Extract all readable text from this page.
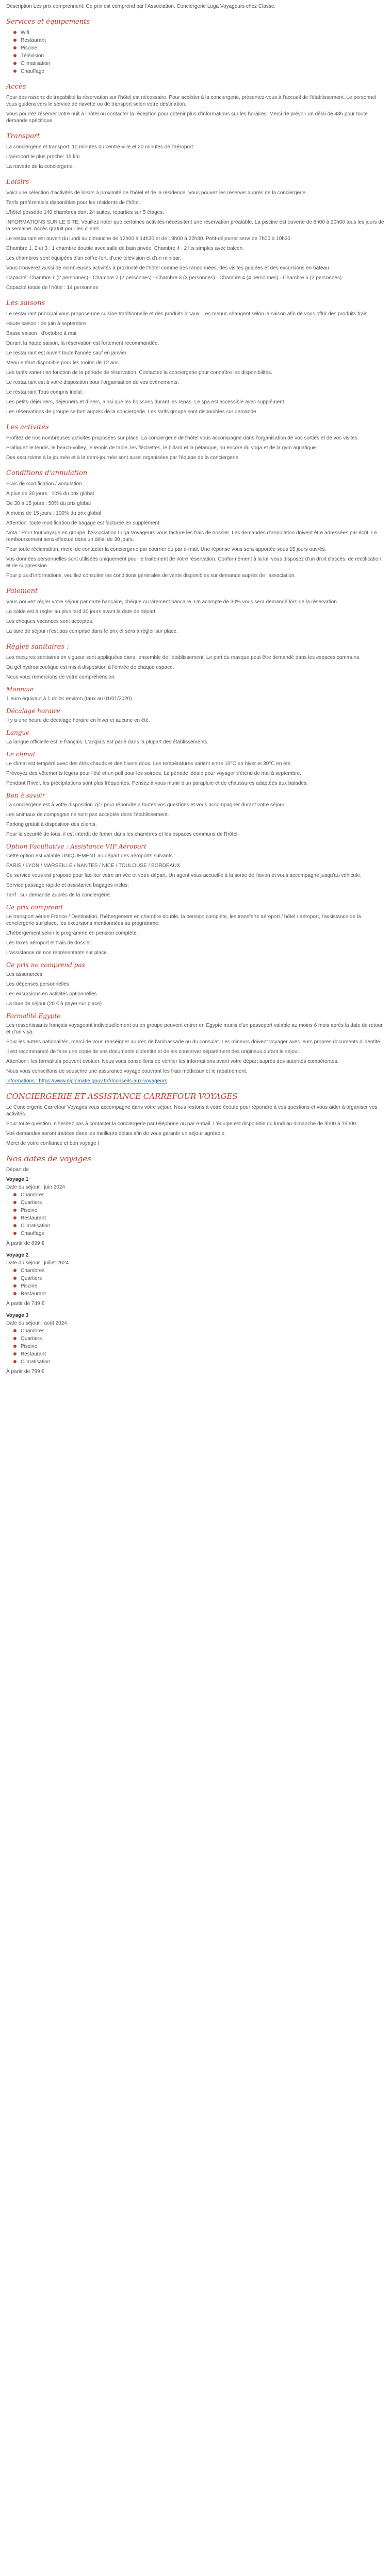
Description Les prix comprennent: Ce prix est comprend par l'Association. Conciergerie Luga Voyageurs chez Classe.

Services et équipements
Wifi
Restaurant
Piscine
Télévision
Climatisation
Chauffage
Accès

Pour des raisons de traçabilité la réservation sur l'hôtel est nécessaire. Pour accéder à la conciergerie, présentez-vous à l'accueil de l'établissement. Le personnel vous guidera vers le service de navette ou de transport selon votre destination.

Vous pourrez réserver votre nuit à l'hôtel ou contacter la réception pour obtenir plus d'informations sur les horaires. Merci de prévoir un délai de 48h pour toute demande spécifique.

Transport

La conciergerie et transport: 10 minutes du centre-ville et 20 minutes de l'aéroport

L'aéroport le plus proche: 15 km

La navette de la conciergerie.

Loisirs

Voici une sélection d'activités de loisirs à proximité de l'hôtel et de la résidence. Vous pouvez les réserver auprès de la conciergerie.

Tarifs préférentiels disponibles pour les résidents de l'hôtel.

L'hôtel possède 140 chambres dont 24 suites, réparties sur 5 étages.

INFORMATIONS SUR LE SITE: Veuillez noter que certaines activités nécessitent une réservation préalable. La piscine est ouverte de 8h00 à 20h00 tous les jours de la semaine. Accès gratuit pour les clients.

Le restaurant est ouvert du lundi au dimanche de 12h00 à 14h30 et de 19h00 à 22h30. Petit-déjeuner servi de 7h00 à 10h30.

Chambre 1, 2 et 3 : 1 chambre double avec salle de bain privée. Chambre 4 : 2 lits simples avec balcon.

Les chambres sont équipées d'un coffre-fort, d'une télévision et d'un minibar.

Vous trouverez aussi de nombreuses activités à proximité de l'hôtel comme des randonnées, des visites guidées et des excursions en bateau.

Capacité: Chambre 1 (2 personnes) - Chambre 2 (2 personnes) - Chambre 3 (3 personnes) - Chambre 4 (4 personnes) - Chambre 5 (2 personnes)

Capacité totale de l'hôtel : 14 personnes

Les saisons

Le restaurant principal vous propose une cuisine traditionnelle et des produits locaux. Les menus changent selon la saison afin de vous offrir des produits frais.

Haute saison : de juin à septembre

Basse saison : d'octobre à mai

Durant la haute saison, la réservation est fortement recommandée.

Le restaurant est ouvert toute l'année sauf en janvier.

Menu enfant disponible pour les moins de 12 ans.

Les tarifs varient en fonction de la période de réservation. Contactez la conciergerie pour connaître les disponibilités.

Le restaurant est à votre disposition pour l'organisation de vos événements.

Le restaurant Tous compris inclut :

Les petits-déjeuners, déjeuners et dîners, ainsi que les boissons durant les repas. Le spa est accessible avec supplément.

Les réservations de groupe se font auprès de la conciergerie. Les tarifs groupe sont disponibles sur demande.

Les activités

Profitez de nos nombreuses activités proposées sur place. La conciergerie de l'hôtel vous accompagne dans l'organisation de vos sorties et de vos visites.

Pratiquez le tennis, le beach-volley, le tennis de table, les fléchettes, le billard et la pétanque, ou encore du yoga et de la gym aquatique.

Des excursions à la journée et à la demi-journée sont aussi organisées par l'équipe de la conciergerie.

Conditions d'annulation

Frais de modification / annulation :

A plus de 30 jours : 10% du prix global

De 30 à 15 jours : 50% du prix global

A moins de 15 jours : 100% du prix global

Attention: toute modification de bagage est facturée en supplément.

Nota : Pour tout voyage en groupe, l'Association Luga Voyageurs vous facture les frais de dossier. Les demandes d'annulation doivent être adressées par écrit. Le remboursement sera effectué dans un délai de 30 jours.

Pour toute réclamation, merci de contacter la conciergerie par courrier ou par e-mail. Une réponse vous sera apportée sous 15 jours ouvrés.

Vos données personnelles sont utilisées uniquement pour le traitement de votre réservation. Conformément à la loi, vous disposez d'un droit d'accès, de rectification et de suppression.

Pour plus d'informations, veuillez consulter les conditions générales de vente disponibles sur demande auprès de l'association.

Paiement

Vous pouvez régler votre séjour par carte bancaire, chèque ou virement bancaire. Un acompte de 30% vous sera demandé lors de la réservation.

Le solde est à régler au plus tard 30 jours avant la date de départ.

Les chèques vacances sont acceptés.

La taxe de séjour n'est pas comprise dans le prix et sera à régler sur place.

Règles sanitaires :

Les mesures sanitaires en vigueur sont appliquées dans l'ensemble de l'établissement. Le port du masque peut être demandé dans les espaces communs.

Du gel hydroalcoolique est mis à disposition à l'entrée de chaque espace.

Nous vous remercions de votre compréhension.

Monnaie

1 euro équivaut à 1 dollar environ (taux au 01/01/2020).

Décalage horaire

Il y a une heure de décalage horaire en hiver et aucune en été.

Langue

La langue officielle est le français. L'anglais est parlé dans la plupart des établissements.

Le climat

Le climat est tempéré avec des étés chauds et des hivers doux. Les températures varient entre 10°C en hiver et 30°C en été.

Prévoyez des vêtements légers pour l'été et un pull pour les soirées. La période idéale pour voyager s'étend de mai à septembre.

Pendant l'hiver, les précipitations sont plus fréquentes. Pensez à vous munir d'un parapluie et de chaussures adaptées aux balades.

Bon à savoir

La conciergerie est à votre disposition 7j/7 pour répondre à toutes vos questions et vous accompagner durant votre séjour.

Les animaux de compagnie ne sont pas acceptés dans l'établissement.

Parking gratuit à disposition des clients.

Pour la sécurité de tous, il est interdit de fumer dans les chambres et les espaces communs de l'hôtel.

Option Facultative : Assistance VIP Aéroport

Cette option est valable UNIQUEMENT au départ des aéroports suivants :

PARIS / LYON / MARSEILLE / NANTES / NICE / TOULOUSE / BORDEAUX

Ce service vous est proposé pour faciliter votre arrivée et votre départ. Un agent vous accueille à la sortie de l'avion et vous accompagne jusqu'au véhicule.

Service passage rapide et assistance bagages inclus.

Tarif : sur demande auprès de la conciergerie.

Ce prix comprend

Le transport aérien France / Destination, l'hébergement en chambre double, la pension complète, les transferts aéroport / hôtel / aéroport, l'assistance de la conciergerie sur place, les excursions mentionnées au programme.

L'hébergement selon le programme en pension complète.

Les taxes aéroport et frais de dossier.

L'assistance de nos représentants sur place.

Ce prix ne comprend pas

Les assurances

Les dépenses personnelles

Les excursions en activités optionnelles

La taxe de séjour (20 € à payer sur place)

Formalité Egypte

Les ressortissants français voyageant individuellement ou en groupe peuvent entrer en Egypte munis d'un passeport valable au moins 6 mois après la date de retour et d'un visa.

Pour les autres nationalités, merci de vous renseigner auprès de l'ambassade ou du consulat. Les mineurs doivent voyager avec leurs propres documents d'identité.

Il est recommandé de faire une copie de vos documents d'identité et de les conserver séparément des originaux durant le séjour.

Attention : les formalités peuvent évoluer. Nous vous conseillons de vérifier les informations avant votre départ auprès des autorités compétentes.

Nous vous conseillons de souscrire une assurance voyage couvrant les frais médicaux et le rapatriement.

Informations : https://www.diplomatie.gouv.fr/fr/conseils-aux-voyageurs

CONCIERGERIE ET ASSISTANCE CARREFOUR VOYAGES

Le Conciergerie Carrefour Voyages vous accompagne dans votre séjour. Nous restons à votre écoute pour répondre à vos questions et vous aider à organiser vos activités.

Pour toute question, n'hésitez pas à contacter la conciergerie par téléphone ou par e-mail. L'équipe est disponible du lundi au dimanche de 9h00 à 19h00.

Vos demandes seront traitées dans les meilleurs délais afin de vous garantir un séjour agréable.

Merci de votre confiance et bon voyage !

Nos dates de voyages

Départ de

Voyage 1
Date du séjour : juin 2024
Chambres
Quartiers
Piscine
Restaurant
Climatisation
Chauffage
À partir de 699 €
Voyage 2
Date du séjour : juillet 2024
Chambres
Quartiers
Piscine
Restaurant
À partir de 749 €
Voyage 3
Date du séjour : août 2024
Chambres
Quartiers
Piscine
Restaurant
Climatisation
À partir de 799 €
